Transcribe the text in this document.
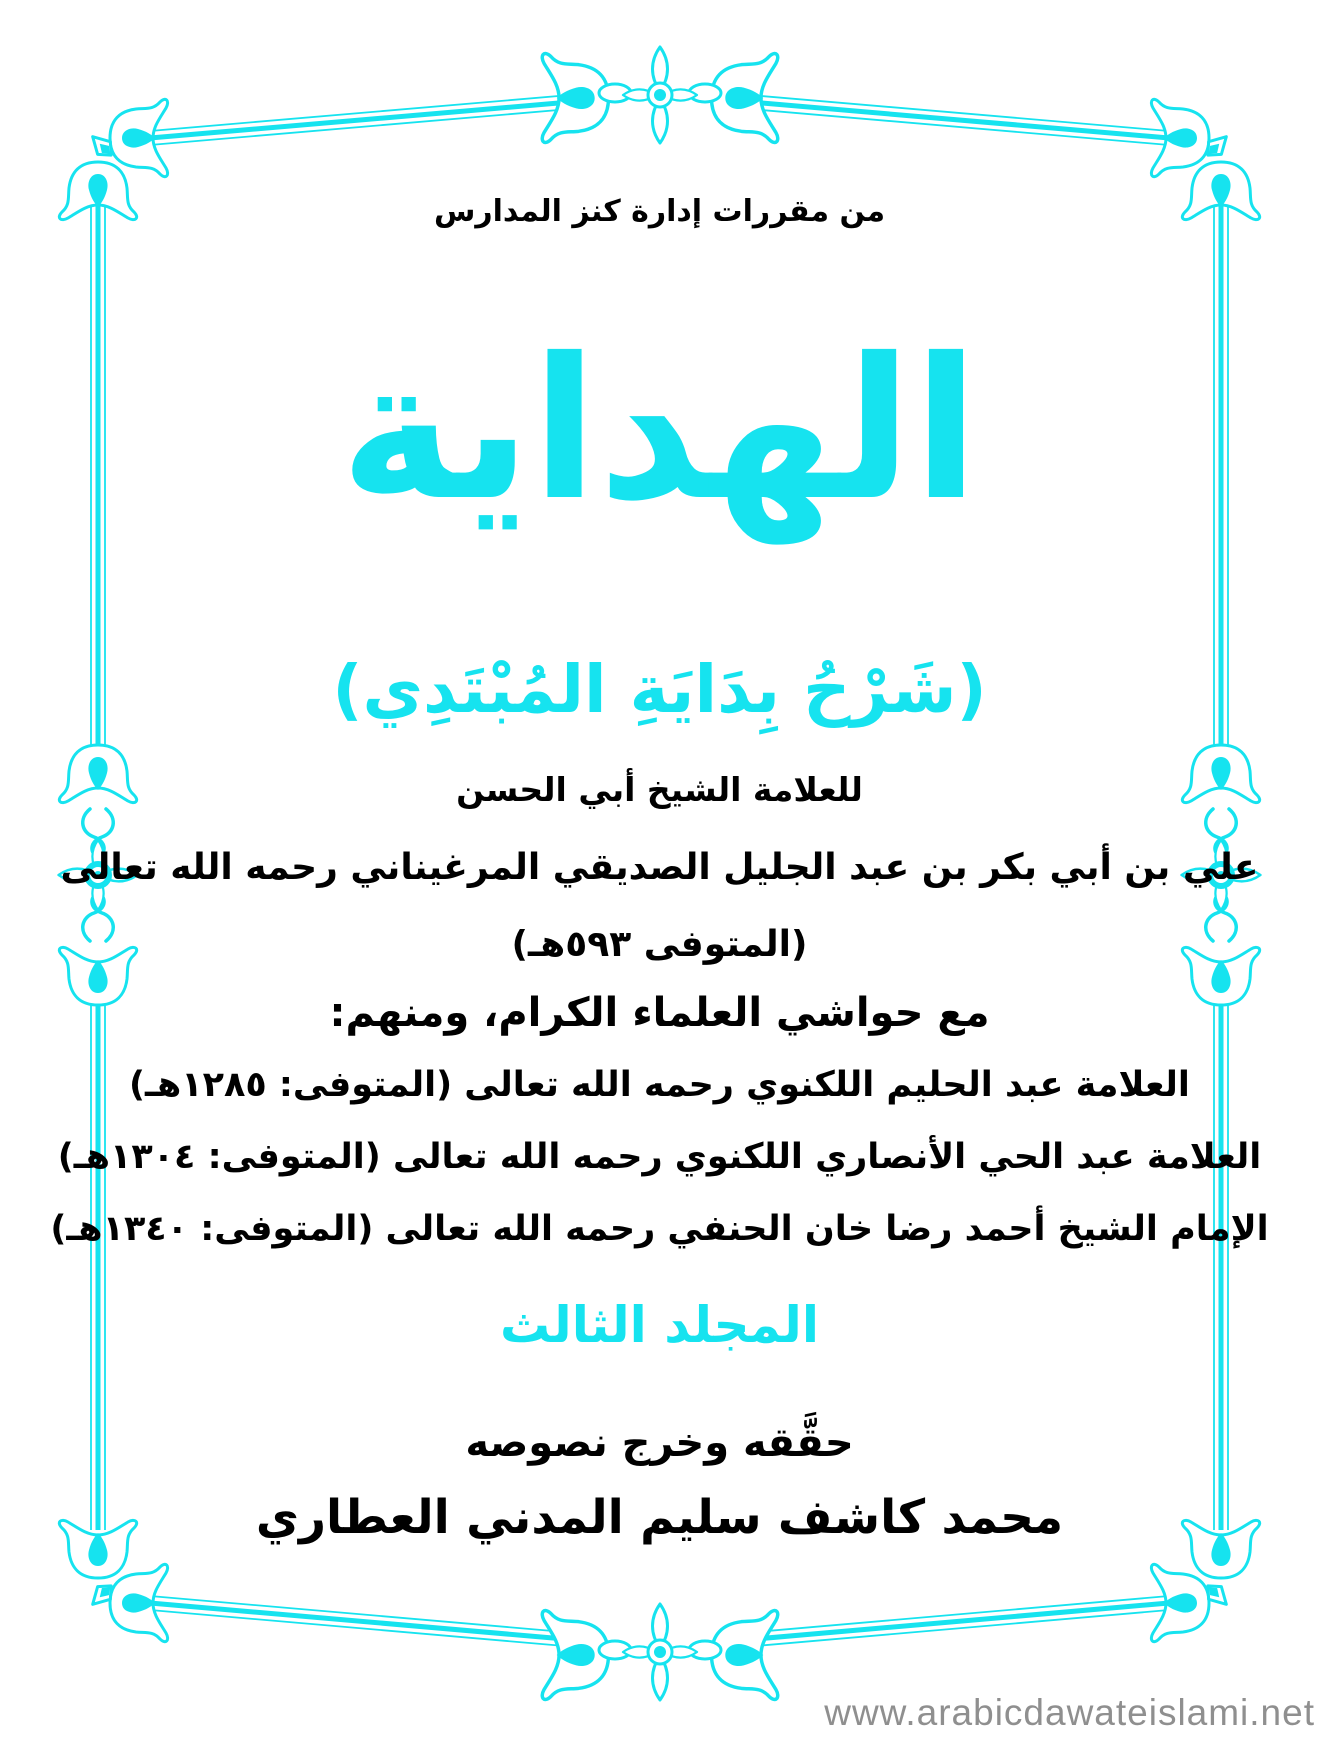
من مقررات إدارة كنز المدارس
الهداية
(شَرْحُ بِدَايَةِ المُبْتَدِي)
للعلامة الشيخ أبي الحسن
علي بن أبي بكر بن عبد الجليل الصديقي المرغيناني رحمه الله تعالى
(المتوفى ٥٩٣هـ)
مع حواشي العلماء الكرام، ومنهم:
العلامة عبد الحليم اللكنوي رحمه الله تعالى (المتوفى: ١٢٨٥هـ)
العلامة عبد الحي الأنصاري اللكنوي رحمه الله تعالى (المتوفى: ١٣٠٤هـ)
الإمام الشيخ أحمد رضا خان الحنفي رحمه الله تعالى (المتوفى: ١٣٤٠هـ)
المجلد الثالث
حقَّقه وخرج نصوصه
محمد كاشف سليم المدني العطاري
www.arabicdawateislami.net
